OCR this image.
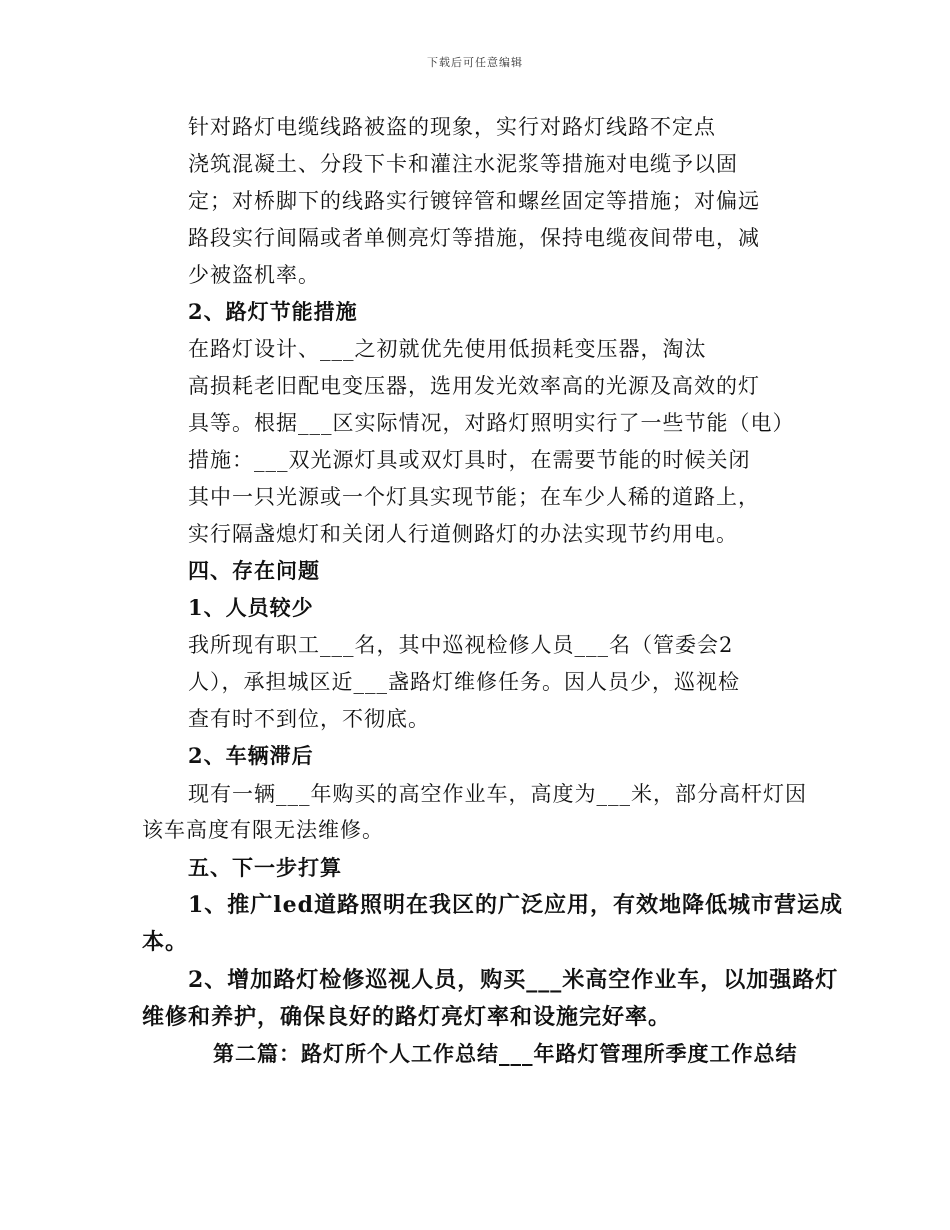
下载后可任意编辑
针对路灯电缆线路被盗的现象，实行对路灯线路不定点
浇筑混凝土、分段下卡和灌注水泥浆等措施对电缆予以固
定；对桥脚下的线路实行镀锌管和螺丝固定等措施；对偏远
路段实行间隔或者单侧亮灯等措施，保持电缆夜间带电，减
少被盗机率。
2、路灯节能措施
在路灯设计、___之初就优先使用低损耗变压器，淘汰
高损耗老旧配电变压器，选用发光效率高的光源及高效的灯
具等。根据___区实际情况，对路灯照明实行了一些节能（电）
措施：___双光源灯具或双灯具时，在需要节能的时候关闭
其中一只光源或一个灯具实现节能；在车少人稀的道路上，
实行隔盏熄灯和关闭人行道侧路灯的办法实现节约用电。
四、存在问题
1、人员较少
我所现有职工___名，其中巡视检修人员___名（管委会2
人），承担城区近___盏路灯维修任务。因人员少，巡视检
查有时不到位，不彻底。
2、车辆滞后
现有一辆___年购买的高空作业车，高度为___米，部分高杆灯因
该车高度有限无法维修。
五、下一步打算
1、推广led道路照明在我区的广泛应用，有效地降低城市营运成
本。
2、增加路灯检修巡视人员，购买___米高空作业车，以加强路灯
维修和养护，确保良好的路灯亮灯率和设施完好率。
第二篇：路灯所个人工作总结___年路灯管理所季度工作总结
